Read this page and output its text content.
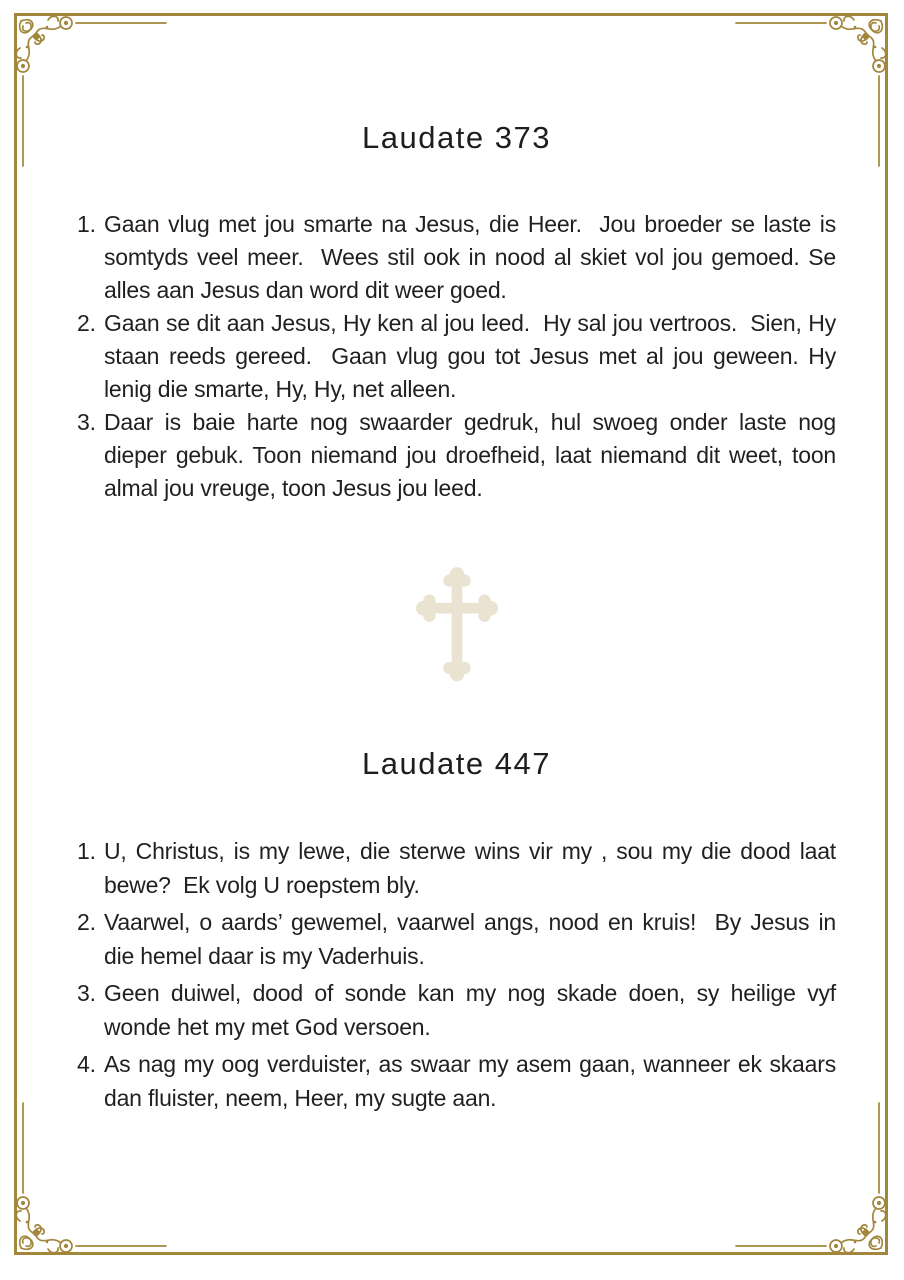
Laudate 373
1. Gaan vlug met jou smarte na Jesus, die Heer.  Jou broeder se laste is somtyds veel meer.  Wees stil ook in nood al skiet vol jou gemoed. Se alles aan Jesus dan word dit weer goed.
2. Gaan se dit aan Jesus, Hy ken al jou leed.  Hy sal jou vertroos.  Sien, Hy staan reeds gereed.  Gaan vlug gou tot Jesus met al jou geween. Hy lenig die smarte, Hy, Hy, net alleen.
3. Daar is baie harte nog swaarder gedruk, hul swoeg onder laste nog dieper gebuk. Toon niemand jou droefheid, laat niemand dit weet, toon almal jou vreuge, toon Jesus jou leed.
Laudate 447
1. U, Christus, is my lewe, die sterwe wins vir my , sou my die dood laat bewe?  Ek volg U roepstem bly.
2. Vaarwel, o aards’ gewemel, vaarwel angs, nood en kruis!  By Jesus in die hemel daar is my Vaderhuis.
3. Geen duiwel, dood of sonde kan my nog skade doen, sy heilige vyf wonde het my met God versoen.
4. As nag my oog verduister, as swaar my asem gaan, wanneer ek skaars dan fluister, neem, Heer, my sugte aan.
